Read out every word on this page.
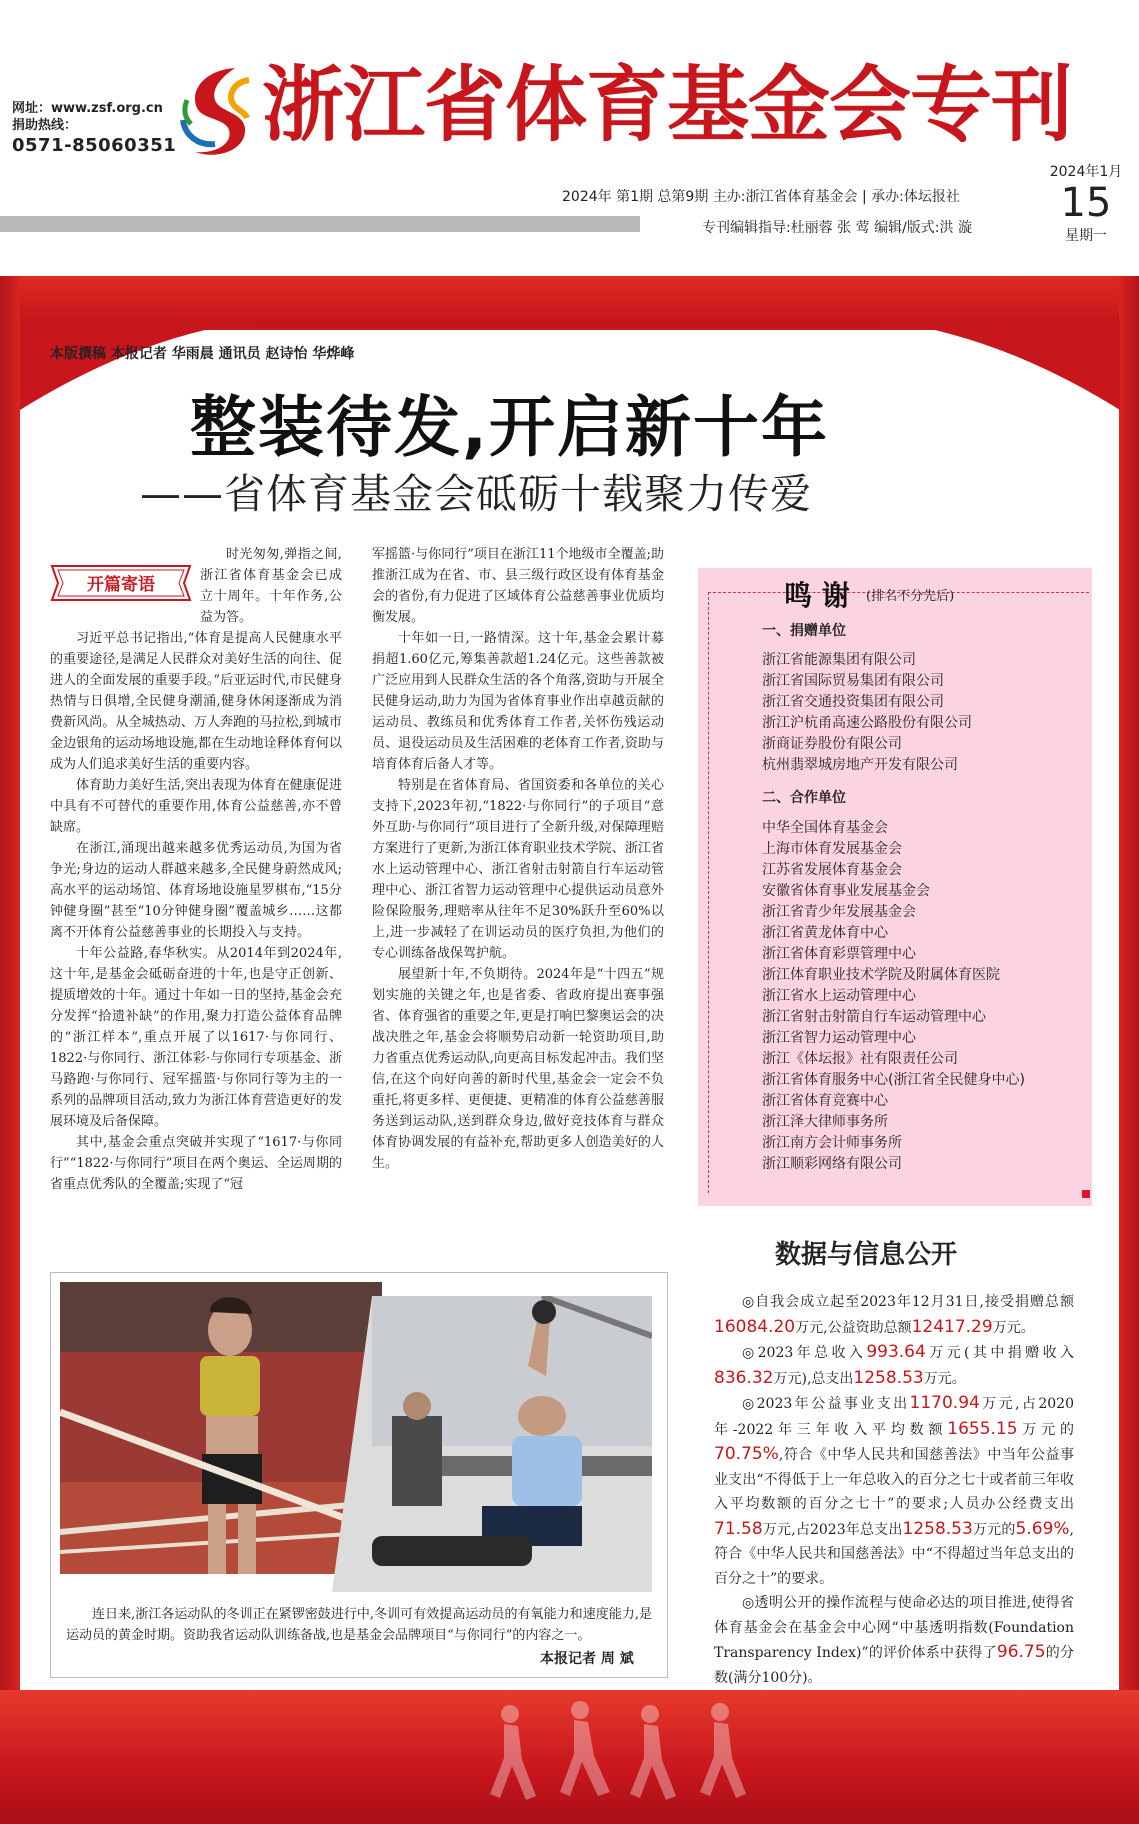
网址：www.zsf.org.cn
捐助热线：
0571-85060351 浙江省体育基金会专刊
2024年 第1期 总第9期 主办:浙江省体育基金会 | 承办:体坛报社
专刊编辑指导:杜丽蓉 张 莺 编辑/版式:洪 漩
2024年1月
15
星期一
本版撰稿 本报记者 华雨晨 通讯员 赵诗怡 华烨峰
整装待发,开启新十年
——省体育基金会砥砺十载聚力传爱
开篇寄语

时光匆匆,弹指之间,浙江省体育基金会已成立十周年。十年作务,公益为答。

习近平总书记指出,“体育是提高人民健康水平的重要途径,是满足人民群众对美好生活的向往、促进人的全面发展的重要手段。”后亚运时代,市民健身热情与日俱增,全民健身潮涌,健身休闲逐渐成为消费新风尚。从全城热动、万人奔跑的马拉松,到城市金边银角的运动场地设施,都在生动地诠释体育何以成为人们追求美好生活的重要内容。

体育助力美好生活,突出表现为体育在健康促进中具有不可替代的重要作用,体育公益慈善,亦不曾缺席。

在浙江,涌现出越来越多优秀运动员,为国为省争光;身边的运动人群越来越多,全民健身蔚然成风;高水平的运动场馆、体育场地设施星罗棋布,“15分钟健身圈”甚至“10分钟健身圈”覆盖城乡……这都离不开体育公益慈善事业的长期投入与支持。

十年公益路,春华秋实。从2014年到2024年,这十年,是基金会砥砺奋进的十年,也是守正创新、提质增效的十年。通过十年如一日的坚持,基金会充分发挥“拾遗补缺”的作用,聚力打造公益体育品牌的“浙江样本”,重点开展了以1617·与你同行、1822·与你同行、浙江体彩·与你同行专项基金、浙马路跑·与你同行、冠军摇篮·与你同行等为主的一系列的品牌项目活动,致力为浙江体育营造更好的发展环境及后备保障。

其中,基金会重点突破并实现了“1617·与你同行”“1822·与你同行”项目在两个奥运、全运周期的省重点优秀队的全覆盖;实现了“冠

军摇篮·与你同行”项目在浙江11个地级市全覆盖;助推浙江成为在省、市、县三级行政区设有体育基金会的省份,有力促进了区域体育公益慈善事业优质均衡发展。

十年如一日,一路情深。这十年,基金会累计募捐超1.60亿元,筹集善款超1.24亿元。这些善款被广泛应用到人民群众生活的各个角落,资助与开展全民健身运动,助力为国为省体育事业作出卓越贡献的运动员、教练员和优秀体育工作者,关怀伤残运动员、退役运动员及生活困难的老体育工作者,资助与培育体育后备人才等。

特别是在省体育局、省国资委和各单位的关心支持下,2023年初,“1822·与你同行”的子项目“意外互助·与你同行”项目进行了全新升级,对保障理赔方案进行了更新,为浙江体育职业技术学院、浙江省水上运动管理中心、浙江省射击射箭自行车运动管理中心、浙江省智力运动管理中心提供运动员意外险保险服务,理赔率从往年不足30%跃升至60%以上,进一步减轻了在训运动员的医疗负担,为他们的专心训练备战保驾护航。

展望新十年,不负期待。2024年是“十四五”规划实施的关键之年,也是省委、省政府提出赛事强省、体育强省的重要之年,更是打响巴黎奥运会的决战决胜之年,基金会将顺势启动新一轮资助项目,助力省重点优秀运动队,向更高目标发起冲击。我们坚信,在这个向好向善的新时代里,基金会一定会不负重托,将更多样、更便捷、更精准的体育公益慈善服务送到运动队,送到群众身边,做好竞技体育与群众体育协调发展的有益补充,帮助更多人创造美好的人生。

鸣 谢 (排名不分先后)
一、捐赠单位
浙江省能源集团有限公司
浙江省国际贸易集团有限公司
浙江省交通投资集团有限公司
浙江沪杭甬高速公路股份有限公司
浙商证券股份有限公司
杭州翡翠城房地产开发有限公司
二、合作单位
中华全国体育基金会
上海市体育发展基金会
江苏省发展体育基金会
安徽省体育事业发展基金会
浙江省青少年发展基金会
浙江省黄龙体育中心
浙江省体育彩票管理中心
浙江体育职业技术学院及附属体育医院
浙江省水上运动管理中心
浙江省射击射箭自行车运动管理中心
浙江省智力运动管理中心
浙江《体坛报》社有限责任公司
浙江省体育服务中心(浙江省全民健身中心)
浙江省体育竞赛中心
浙江泽大律师事务所
浙江南方会计师事务所
浙江顺彩网络有限公司
数据与信息公开

◎自我会成立起至2023年12月31日,接受捐赠总额16084.20万元,公益资助总额12417.29万元。

◎2023年总收入993.64万元(其中捐赠收入836.32万元),总支出1258.53万元。

◎2023年公益事业支出1170.94万元,占2020年-2022年三年收入平均数额1655.15万元的70.75%,符合《中华人民共和国慈善法》中当年公益事业支出“不得低于上一年总收入的百分之七十或者前三年收入平均数额的百分之七十”的要求;人员办公经费支出71.58万元,占2023年总支出1258.53万元的5.69%,符合《中华人民共和国慈善法》中“不得超过当年总支出的百分之十”的要求。

◎透明公开的操作流程与使命必达的项目推进,使得省体育基金会在基金会中心网“中基透明指数(Foundation Transparency Index)”的评价体系中获得了96.75的分数(满分100分)。

连日来,浙江各运动队的冬训正在紧锣密鼓进行中,冬训可有效提高运动员的有氧能力和速度能力,是运动员的黄金时期。资助我省运动队训练备战,也是基金会品牌项目“与你同行”的内容之一。

本报记者 周 斌
